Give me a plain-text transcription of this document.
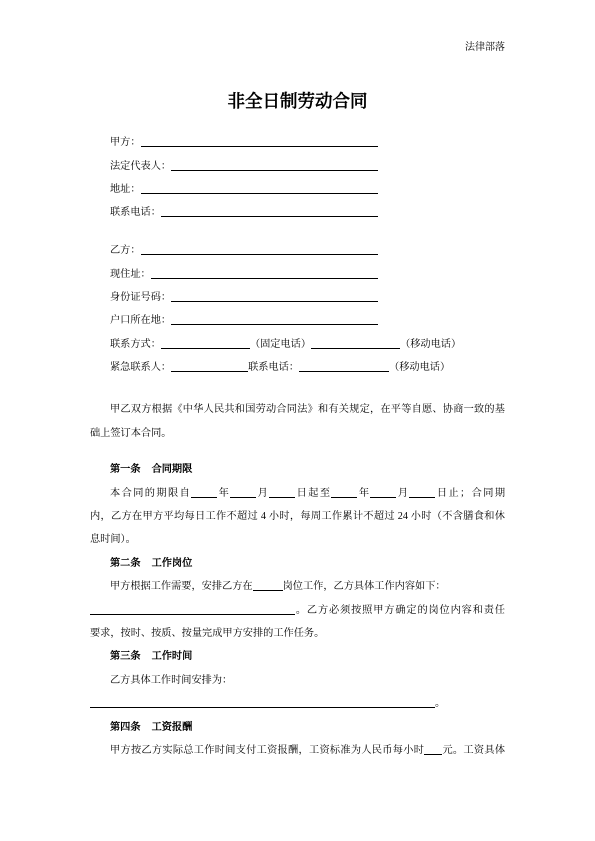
法律部落
非全日制劳动合同
甲方：
法定代表人：
地址：
联系电话：
乙方：
现住址：
身份证号码：
户口所在地：
联系方式：	（固定电话）	（移动电话）
紧急联系人：	联系电话：	（移动电话）
甲乙双方根据《中华人民共和国劳动合同法》和有关规定，在平等自愿、协商一致的基
础上签订本合同。
第一条 合同期限
本合同的期限自	年	月	日起至	年	月	日止；合同期
内，乙方在甲方平均每日工作不超过 4 小时，每周工作累计不超过 24 小时（不含膳食和休
息时间）。
第二条 工作岗位
甲方根据工作需要，安排乙方在	岗位工作，乙方具体工作内容如下：
。乙方必须按照甲方确定的岗位内容和责任
要求，按时、按质、按量完成甲方安排的工作任务。
第三条 工作时间
乙方具体工作时间安排为：
。
第四条 工资报酬
甲方按乙方实际总工作时间支付工资报酬，工资标准为人民币每小时 元。工资具体
